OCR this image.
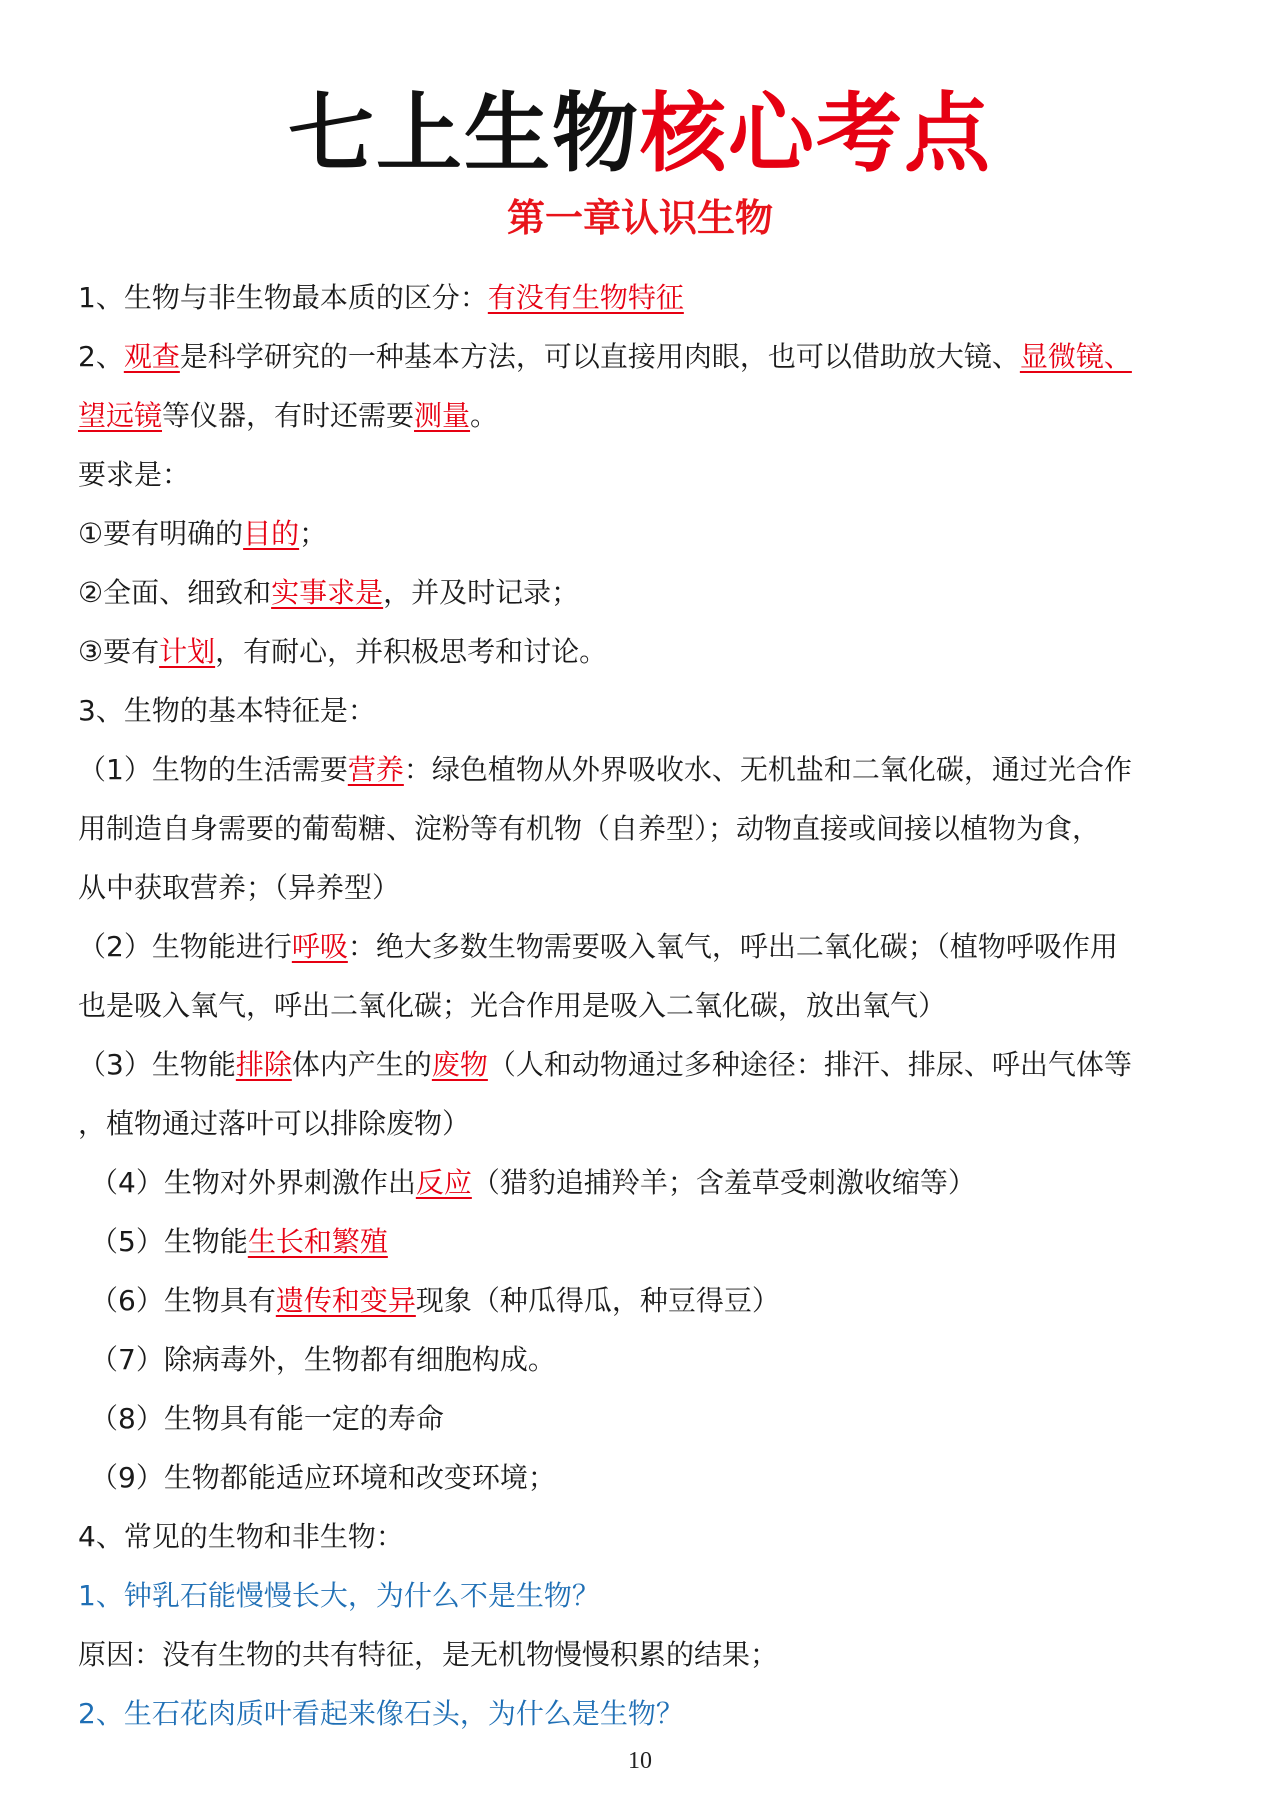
七上生物核心考点
第一章认识生物
1、生物与非生物最本质的区分：有没有生物特征
2、观查是科学研究的一种基本方法，可以直接用肉眼，也可以借助放大镜、显微镜、
望远镜等仪器，有时还需要测量。
要求是：
①要有明确的目的；
②全面、细致和实事求是，并及时记录；
③要有计划，有耐心，并积极思考和讨论。
3、生物的基本特征是：
（1）生物的生活需要营养：绿色植物从外界吸收水、无机盐和二氧化碳，通过光合作
用制造自身需要的葡萄糖、淀粉等有机物（自养型）；动物直接或间接以植物为食，
从中获取营养；（异养型）
（2）生物能进行呼吸：绝大多数生物需要吸入氧气，呼出二氧化碳；（植物呼吸作用
也是吸入氧气，呼出二氧化碳；光合作用是吸入二氧化碳，放出氧气）
（3）生物能排除体内产生的废物（人和动物通过多种途径：排汗、排尿、呼出气体等
，植物通过落叶可以排除废物）
（4）生物对外界刺激作出反应（猎豹追捕羚羊；含羞草受刺激收缩等）
（5）生物能生长和繁殖
（6）生物具有遗传和变异现象（种瓜得瓜，种豆得豆）
（7）除病毒外，生物都有细胞构成。
（8）生物具有能一定的寿命
（9）生物都能适应环境和改变环境；
4、常见的生物和非生物：
1、钟乳石能慢慢长大，为什么不是生物？
原因：没有生物的共有特征，是无机物慢慢积累的结果；
2、生石花肉质叶看起来像石头，为什么是生物？
10
